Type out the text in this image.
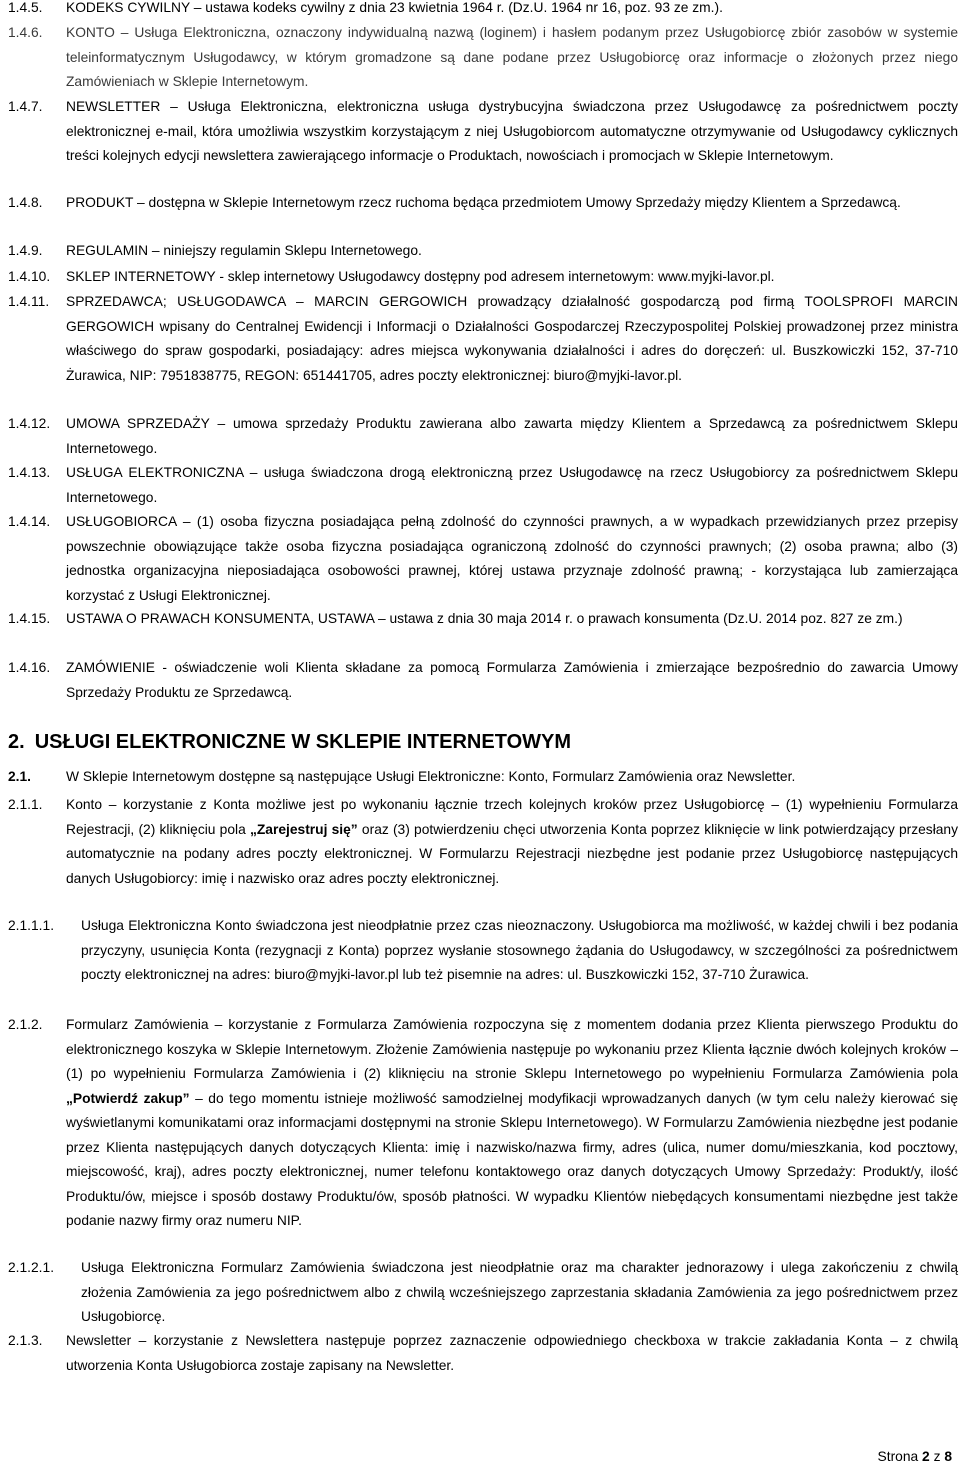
1.4.5. KODEKS CYWILNY – ustawa kodeks cywilny z dnia 23 kwietnia 1964 r. (Dz.U. 1964 nr 16, poz. 93 ze zm.).
1.4.6. KONTO – Usługa Elektroniczna, oznaczony indywidualną nazwą (loginem) i hasłem podanym przez Usługobiorcę zbiór zasobów w systemie teleinformatycznym Usługodawcy, w którym gromadzone są dane podane przez Usługobiorcę oraz informacje o złożonych przez niego Zamówieniach w Sklepie Internetowym.
1.4.7. NEWSLETTER – Usługa Elektroniczna, elektroniczna usługa dystrybucyjna świadczona przez Usługodawcę za pośrednictwem poczty elektronicznej e-mail, która umożliwia wszystkim korzystającym z niej Usługobiorcom automatyczne otrzymywanie od Usługodawcy cyklicznych treści kolejnych edycji newslettera zawierającego informacje o Produktach, nowościach i promocjach w Sklepie Internetowym.
1.4.8. PRODUKT – dostępna w Sklepie Internetowym rzecz ruchoma będąca przedmiotem Umowy Sprzedaży między Klientem a Sprzedawcą.
1.4.9. REGULAMIN – niniejszy regulamin Sklepu Internetowego.
1.4.10. SKLEP INTERNETOWY - sklep internetowy Usługodawcy dostępny pod adresem internetowym: www.myjki-lavor.pl.
1.4.11. SPRZEDAWCA; USŁUGODAWCA – MARCIN GERGOWICH prowadzący działalność gospodarczą pod firmą TOOLSPROFI MARCIN GERGOWICH wpisany do Centralnej Ewidencji i Informacji o Działalności Gospodarczej Rzeczypospolitej Polskiej prowadzonej przez ministra właściwego do spraw gospodarki, posiadający: adres miejsca wykonywania działalności i adres do doręczeń: ul. Buszkowiczki 152, 37-710 Żurawica, NIP: 7951838775, REGON: 651441705, adres poczty elektronicznej: biuro@myjki-lavor.pl.
1.4.12. UMOWA SPRZEDAŻY – umowa sprzedaży Produktu zawierana albo zawarta między Klientem a Sprzedawcą za pośrednictwem Sklepu Internetowego.
1.4.13. USŁUGA ELEKTRONICZNA – usługa świadczona drogą elektroniczną przez Usługodawcę na rzecz Usługobiorcy za pośrednictwem Sklepu Internetowego.
1.4.14. USŁUGOBIORCA – (1) osoba fizyczna posiadająca pełną zdolność do czynności prawnych, a w wypadkach przewidzianych przez przepisy powszechnie obowiązujące także osoba fizyczna posiadająca ograniczoną zdolność do czynności prawnych; (2) osoba prawna; albo (3) jednostka organizacyjna nieposiadająca osobowości prawnej, której ustawa przyznaje zdolność prawną; - korzystająca lub zamierzająca korzystać z Usługi Elektronicznej.
1.4.15. USTAWA O PRAWACH KONSUMENTA, USTAWA – ustawa z dnia 30 maja 2014 r. o prawach konsumenta (Dz.U. 2014 poz. 827 ze zm.)
1.4.16. ZAMÓWIENIE - oświadczenie woli Klienta składane za pomocą Formularza Zamówienia i zmierzające bezpośrednio do zawarcia Umowy Sprzedaży Produktu ze Sprzedawcą.
2. USŁUGI ELEKTRONICZNE W SKLEPIE INTERNETOWYM
2.1.	W Sklepie Internetowym dostępne są następujące Usługi Elektroniczne: Konto, Formularz Zamówienia oraz Newsletter.
2.1.1. Konto – korzystanie z Konta możliwe jest po wykonaniu łącznie trzech kolejnych kroków przez Usługobiorcę – (1) wypełnieniu Formularza Rejestracji, (2) kliknięciu pola „Zarejestruj się” oraz (3) potwierdzeniu chęci utworzenia Konta poprzez kliknięcie w link potwierdzający przesłany automatycznie na podany adres poczty elektronicznej. W Formularzu Rejestracji niezbędne jest podanie przez Usługobiorcę następujących danych Usługobiorcy: imię i nazwisko oraz adres poczty elektronicznej.
2.1.1.1. Usługa Elektroniczna Konto świadczona jest nieodpłatnie przez czas nieoznaczony. Usługobiorca ma możliwość, w każdej chwili i bez podania przyczyny, usunięcia Konta (rezygnacji z Konta) poprzez wysłanie stosownego żądania do Usługodawcy, w szczególności za pośrednictwem poczty elektronicznej na adres: biuro@myjki-lavor.pl lub też pisemnie na adres: ul. Buszkowiczki 152, 37-710 Żurawica.
2.1.2. Formularz Zamówienia – korzystanie z Formularza Zamówienia rozpoczyna się z momentem dodania przez Klienta pierwszego Produktu do elektronicznego koszyka w Sklepie Internetowym. Złożenie Zamówienia następuje po wykonaniu przez Klienta łącznie dwóch kolejnych kroków – (1) po wypełnieniu Formularza Zamówienia i (2) kliknięciu na stronie Sklepu Internetowego po wypełnieniu Formularza Zamówienia pola „Potwierdź zakup” – do tego momentu istnieje możliwość samodzielnej modyfikacji wprowadzanych danych (w tym celu należy kierować się wyświetlanymi komunikatami oraz informacjami dostępnymi na stronie Sklepu Internetowego). W Formularzu Zamówienia niezbędne jest podanie przez Klienta następujących danych dotyczących Klienta: imię i nazwisko/nazwa firmy, adres (ulica, numer domu/mieszkania, kod pocztowy, miejscowość, kraj), adres poczty elektronicznej, numer telefonu kontaktowego oraz danych dotyczących Umowy Sprzedaży: Produkt/y, ilość Produktu/ów, miejsce i sposób dostawy Produktu/ów, sposób płatności. W wypadku Klientów niebędących konsumentami niezbędne jest także podanie nazwy firmy oraz numeru NIP.
2.1.2.1. Usługa Elektroniczna Formularz Zamówienia świadczona jest nieodpłatnie oraz ma charakter jednorazowy i ulega zakończeniu z chwilą złożenia Zamówienia za jego pośrednictwem albo z chwilą wcześniejszego zaprzestania składania Zamówienia za jego pośrednictwem przez Usługobiorcę.
2.1.3. Newsletter – korzystanie z Newslettera następuje poprzez zaznaczenie odpowiedniego checkboxa w trakcie zakładania Konta – z chwilą utworzenia Konta Usługobiorca zostaje zapisany na Newsletter.
Strona 2 z 8
